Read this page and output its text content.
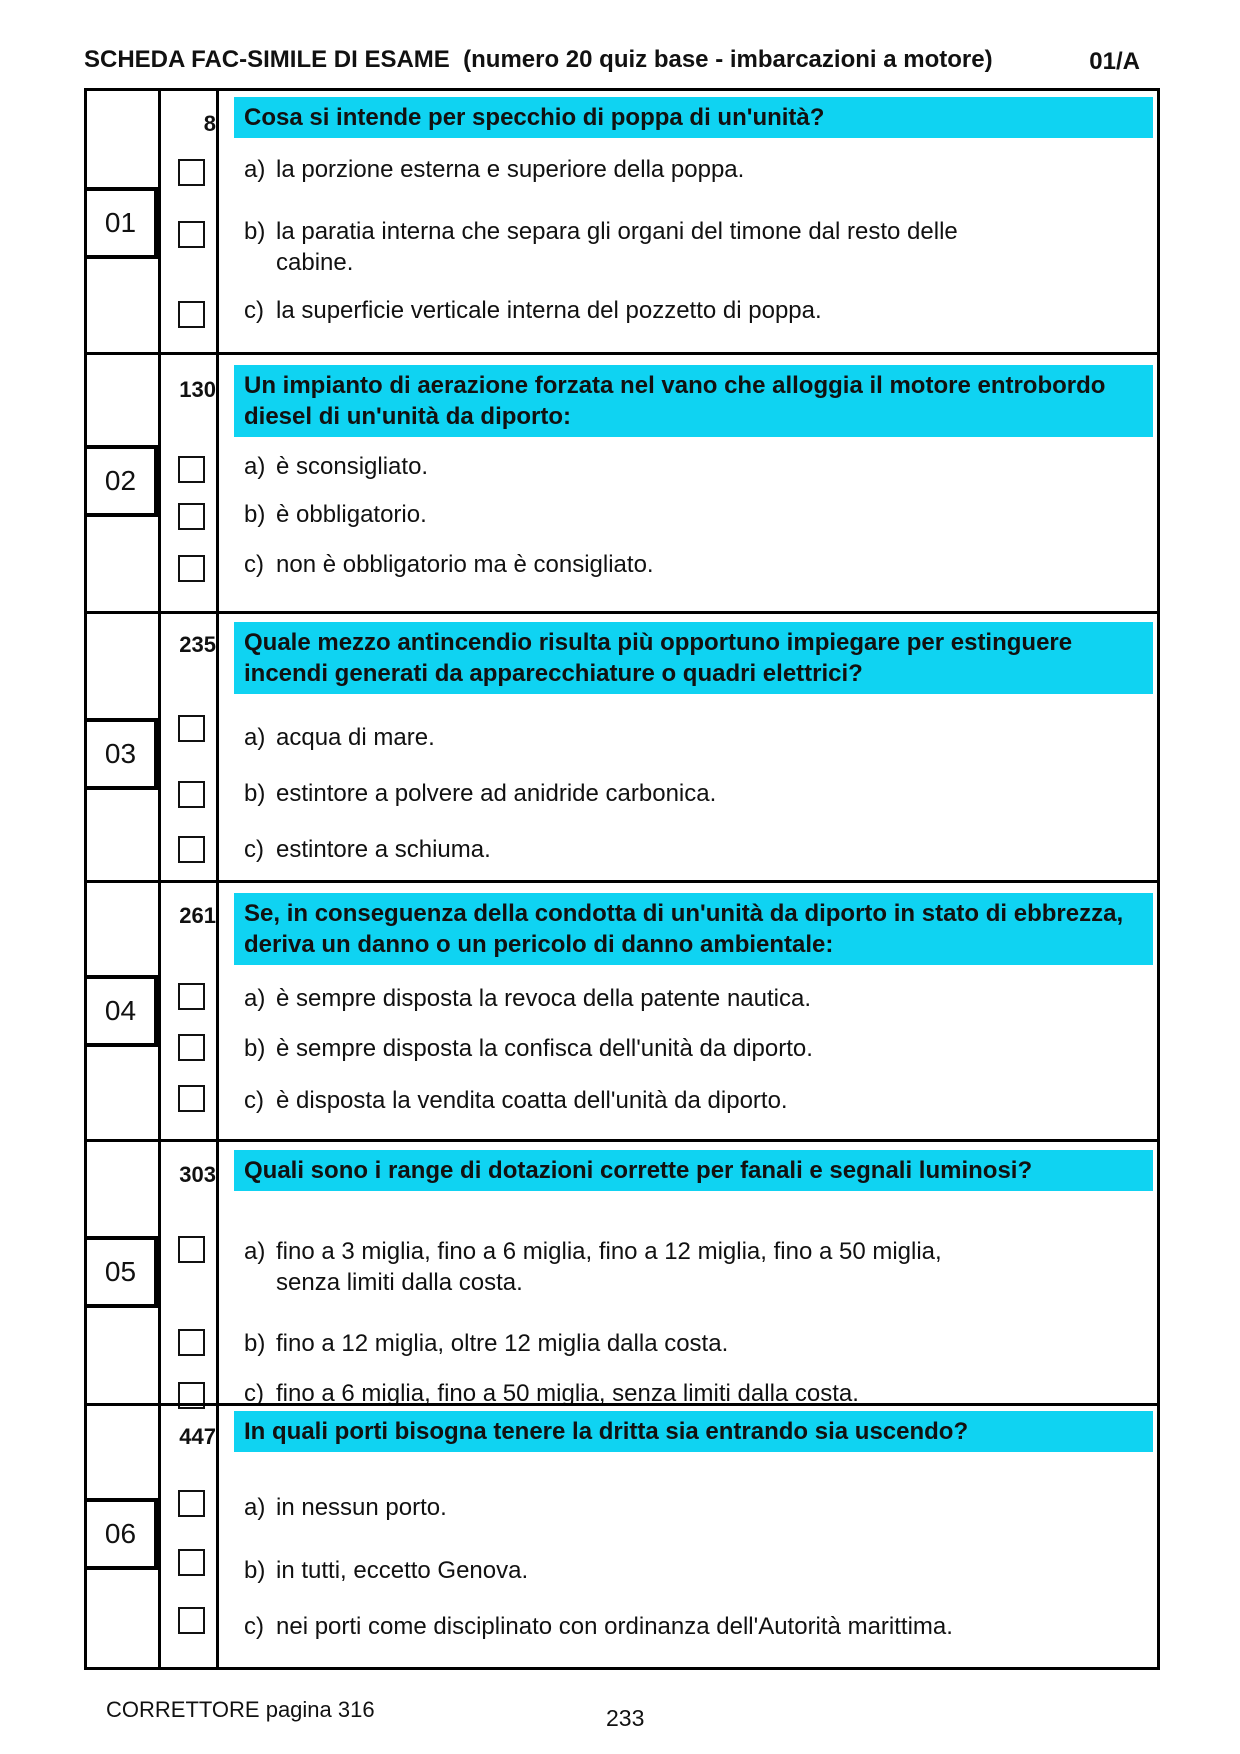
SCHEDA FAC-SIMILE DI ESAME  (numero 20 quiz base - imbarcazioni a motore)	01/A
01
8	Cosa si intende per specchio di poppa di un'unità?
a) la porzione esterna e superiore della poppa.
b) la paratia interna che separa gli organi del timone dal resto delle
cabine.
c) la superficie verticale interna del pozzetto di poppa.
02
130	Un impianto di aerazione forzata nel vano che alloggia il motore entrobordo diesel di un'unità da diporto:
a) è sconsigliato.
b) è obbligatorio.
c) non è obbligatorio ma è consigliato.
03
235	Quale mezzo antincendio risulta più opportuno impiegare per estinguere incendi generati da apparecchiature o quadri elettrici?
a) acqua di mare.
b) estintore a polvere ad anidride carbonica.
c) estintore a schiuma.
04
261	Se, in conseguenza della condotta di un'unità da diporto in stato di ebbrezza, deriva un danno o un pericolo di danno ambientale:
a) è sempre disposta la revoca della patente nautica.
b) è sempre disposta la confisca dell'unità da diporto.
c) è disposta la vendita coatta dell'unità da diporto.
05
303	Quali sono i range di dotazioni corrette per fanali e segnali luminosi?
a) fino a 3 miglia, fino a 6 miglia, fino a 12 miglia, fino a 50 miglia,
senza limiti dalla costa.
b) fino a 12 miglia, oltre 12 miglia dalla costa.
c) fino a 6 miglia, fino a 50 miglia, senza limiti dalla costa.
06
447	In quali porti bisogna tenere la dritta sia entrando sia uscendo?
a) in nessun porto.
b) in tutti, eccetto Genova.
c) nei porti come disciplinato con ordinanza dell'Autorità marittima.
CORRETTORE pagina 316	233
